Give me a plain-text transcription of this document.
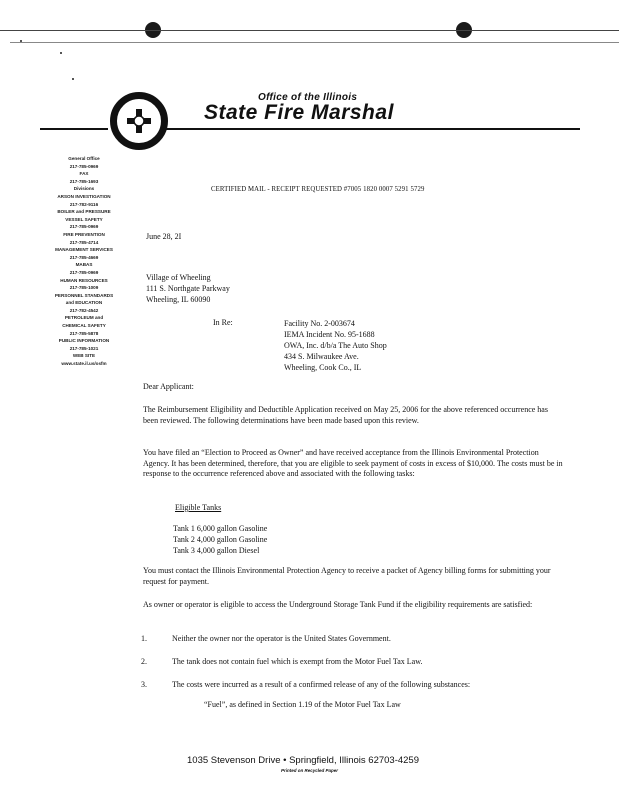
Office of the Illinois
State Fire Marshal
General Office
217-785-0969
FAX
217-785-1693
Divisions
ARSON INVESTIGATION
217-782-9116
BOILER and PRESSURE
VESSEL SAFETY
217-785-0969
FIRE PREVENTION
217-785-4714
MANAGEMENT SERVICES
217-785-4669
MABAS
217-785-0969
HUMAN RESOURCES
217-785-1009
PERSONNEL STANDARDS
and EDUCATION
217-782-4542
PETROLEUM and
CHEMICAL SAFETY
217-785-5878
PUBLIC INFORMATION
217-785-1021
WEB SITE
www.state.il.us/osfm
CERTIFIED MAIL - RECEIPT REQUESTED #7005 1820 0007 5291 5729
June 28, 2I
Village of Wheeling
111 S. Northgate Parkway
Wheeling, IL 60090
In Re:	Facility No. 2-003674
IEMA Incident No. 95-1688
OWA, Inc. d/b/a The Auto Shop
434 S. Milwaukee Ave.
Wheeling, Cook Co., IL
Dear Applicant:
The Reimbursement Eligibility and Deductible Application received on May 25, 2006 for the above referenced occurrence has been reviewed. The following determinations have been made based upon this review.
You have filed an “Election to Proceed as Owner” and have received acceptance from the Illinois Environmental Protection Agency. It has been determined, therefore, that you are eligible to seek payment of costs in excess of $10,000. The costs must be in response to the occurrence referenced above and associated with the following tasks:
Eligible Tanks
Tank 1 6,000 gallon Gasoline
Tank 2 4,000 gallon Gasoline
Tank 3 4,000 gallon Diesel
You must contact the Illinois Environmental Protection Agency to receive a packet of Agency billing forms for submitting your request for payment.
As owner or operator is eligible to access the Underground Storage Tank Fund if the eligibility requirements are satisfied:
1.	Neither the owner nor the operator is the United States Government.
2.	The tank does not contain fuel which is exempt from the Motor Fuel Tax Law.
3.	The costs were incurred as a result of a confirmed release of any of the following substances:
“Fuel”, as defined in Section 1.19 of the Motor Fuel Tax Law
1035 Stevenson Drive • Springfield, Illinois 62703-4259
Printed on Recycled Paper
